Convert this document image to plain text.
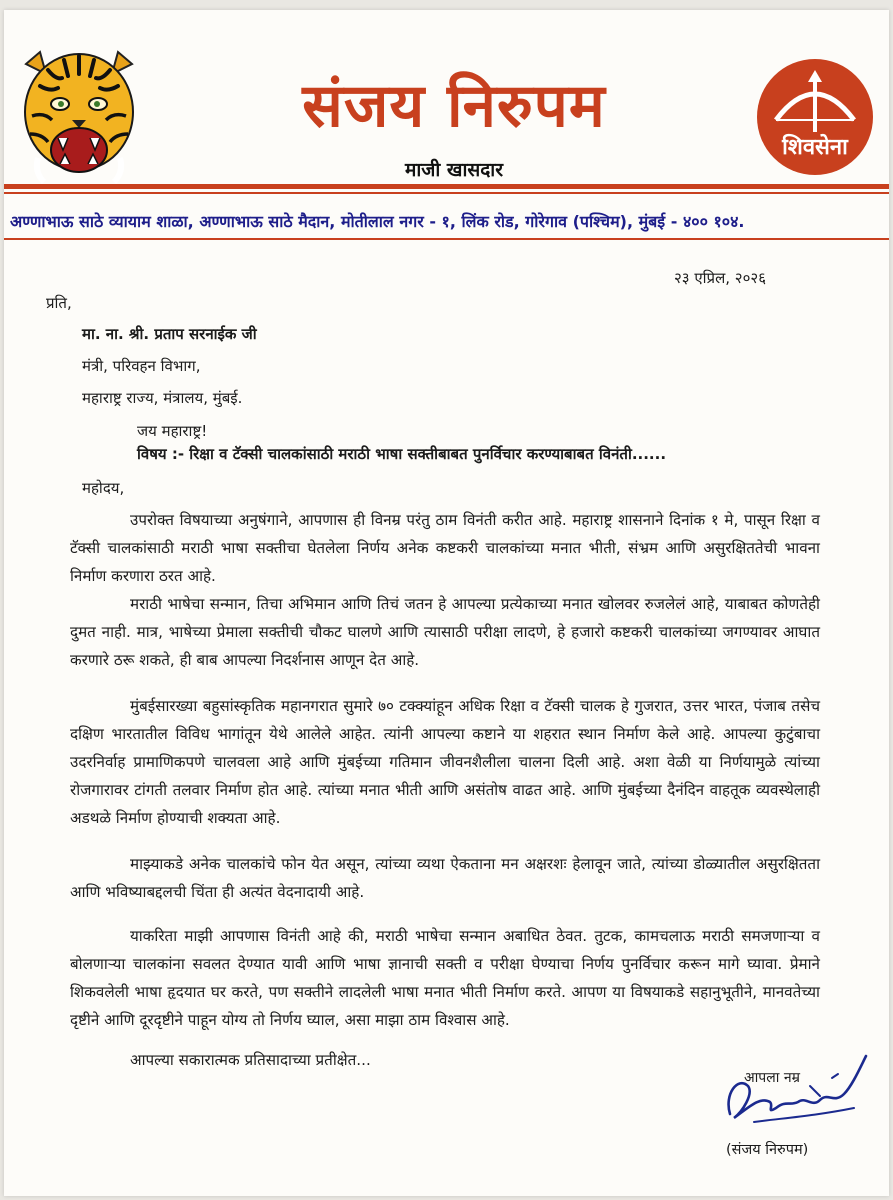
संजय निरुपम
माजी खासदार
शिवसेना
अण्णाभाऊ साठे व्यायाम शाळा, अण्णाभाऊ साठे मैदान, मोतीलाल नगर - १, लिंक रोड, गोरेगाव (पश्चिम), मुंबई - ४०० १०४.
२३ एप्रिल, २०२६
प्रति,
मा. ना. श्री. प्रताप सरनाईक जी
मंत्री, परिवहन विभाग,
महाराष्ट्र राज्य, मंत्रालय, मुंबई.
जय महाराष्ट्र!
विषय :- रिक्षा व टॅक्सी चालकांसाठी मराठी भाषा सक्तीबाबत पुनर्विचार करण्याबाबत विनंती......
महोदय,
उपरोक्त विषयाच्या अनुषंगाने, आपणास ही विनम्र परंतु ठाम विनंती करीत आहे. महाराष्ट्र शासनाने दिनांक १ मे, पासून रिक्षा व टॅक्सी चालकांसाठी मराठी भाषा सक्तीचा घेतलेला निर्णय अनेक कष्टकरी चालकांच्या मनात भीती, संभ्रम आणि असुरक्षिततेची भावना निर्माण करणारा ठरत आहे.
मराठी भाषेचा सन्मान, तिचा अभिमान आणि तिचं जतन हे आपल्या प्रत्येकाच्या मनात खोलवर रुजलेलं आहे, याबाबत कोणतेही दुमत नाही. मात्र, भाषेच्या प्रेमाला सक्तीची चौकट घालणे आणि त्यासाठी परीक्षा लादणे, हे हजारो कष्टकरी चालकांच्या जगण्यावर आघात करणारे ठरू शकते, ही बाब आपल्या निदर्शनास आणून देत आहे.
मुंबईसारख्या बहुसांस्कृतिक महानगरात सुमारे ७० टक्क्यांहून अधिक रिक्षा व टॅक्सी चालक हे गुजरात, उत्तर भारत, पंजाब तसेच दक्षिण भारतातील विविध भागांतून येथे आलेले आहेत. त्यांनी आपल्या कष्टाने या शहरात स्थान निर्माण केले आहे. आपल्या कुटुंबाचा उदरनिर्वाह प्रामाणिकपणे चालवला आहे आणि मुंबईच्या गतिमान जीवनशैलीला चालना दिली आहे. अशा वेळी या निर्णयामुळे त्यांच्या रोजगारावर टांगती तलवार निर्माण होत आहे. त्यांच्या मनात भीती आणि असंतोष वाढत आहे. आणि मुंबईच्या दैनंदिन वाहतूक व्यवस्थेलाही अडथळे निर्माण होण्याची शक्यता आहे.
माझ्याकडे अनेक चालकांचे फोन येत असून, त्यांच्या व्यथा ऐकताना मन अक्षरशः हेलावून जाते, त्यांच्या डोळ्यातील असुरक्षितता आणि भविष्याबद्दलची चिंता ही अत्यंत वेदनादायी आहे.
याकरिता माझी आपणास विनंती आहे की, मराठी भाषेचा सन्मान अबाधित ठेवत. तुटक, कामचलाऊ मराठी समजणाऱ्या व बोलणाऱ्या चालकांना सवलत देण्यात यावी आणि भाषा ज्ञानाची सक्ती व परीक्षा घेण्याचा निर्णय पुनर्विचार करून मागे घ्यावा. प्रेमाने शिकवलेली भाषा हृदयात घर करते, पण सक्तीने लादलेली भाषा मनात भीती निर्माण करते. आपण या विषयाकडे सहानुभूतीने, मानवतेच्या दृष्टीने आणि दूरदृष्टीने पाहून योग्य तो निर्णय घ्याल, असा माझा ठाम विश्वास आहे.
आपल्या सकारात्मक प्रतिसादाच्या प्रतीक्षेत...
आपला नम्र
(संजय निरुपम)
